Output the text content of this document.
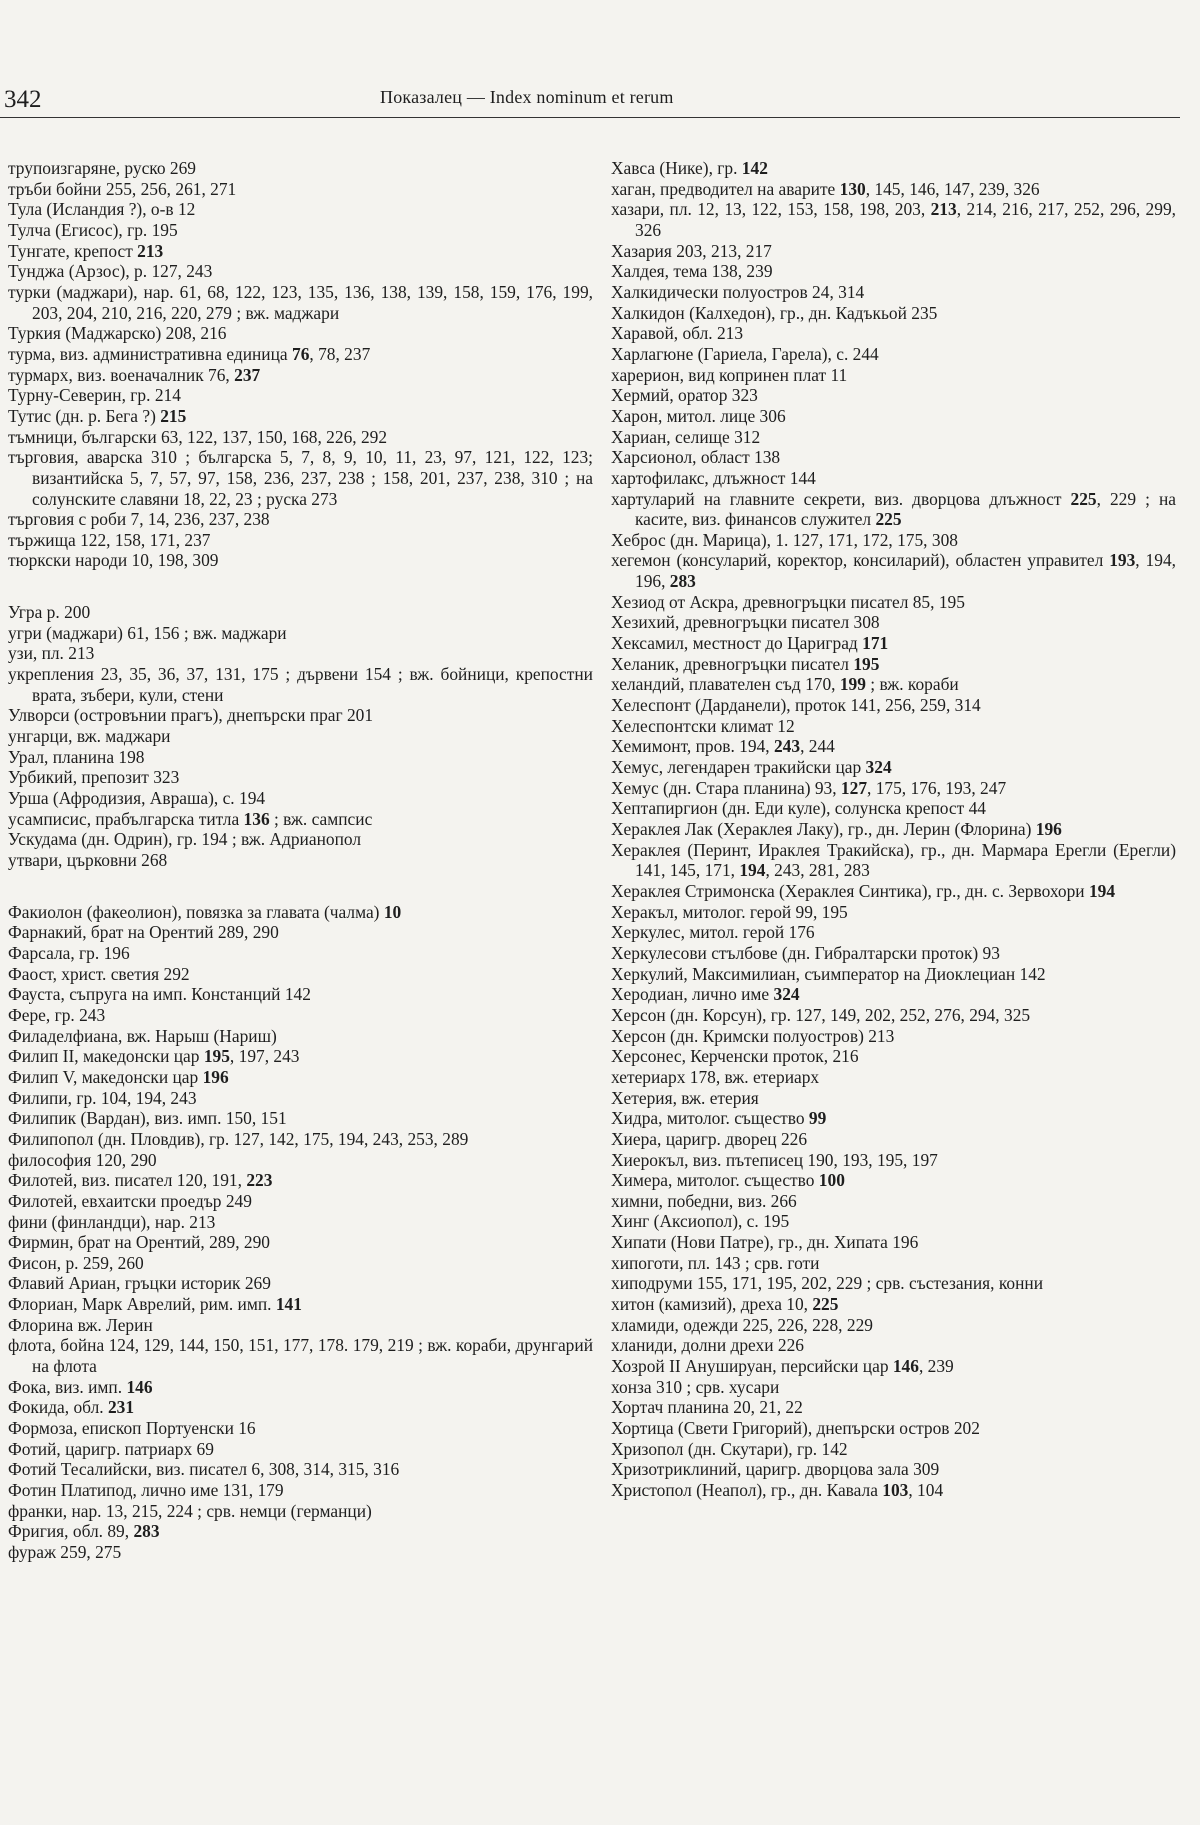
342	Показалец — Index nominum et rerum
трупоизгаряне, руско 269
тръби бойни 255, 256, 261, 271
Тула (Исландия ?), о-в 12
Тулча (Егисос), гр. 195
Тунгате, крепост 213
Тунджа (Арзос), р. 127, 243
турки (маджари), нар. 61, 68, 122, 123, 135, 136, 138, 139, 158, 159, 176, 199, 203, 204, 210, 216, 220, 279 ; вж. маджари
Туркия (Маджарско) 208, 216
турма, виз. административна единица 76, 78, 237
турмарх, виз. военачалник 76, 237
Турну-Северин, гр. 214
Тутис (дн. р. Бега ?) 215
тъмници, български 63, 122, 137, 150, 168, 226, 292
търговия, аварска 310 ; българска 5, 7, 8, 9, 10, 11, 23, 97, 121, 122, 123; византийска 5, 7, 57, 97, 158, 236, 237, 238 ; 158, 201, 237, 238, 310 ; на солунските славяни 18, 22, 23 ; руска 273
търговия с роби 7, 14, 236, 237, 238
тържища 122, 158, 171, 237
тюркски народи 10, 198, 309
Угра р. 200
угри (маджари) 61, 156 ; вж. маджари
узи, пл. 213
укрепления 23, 35, 36, 37, 131, 175 ; дървени 154 ; вж. бойници, крепостни врата, зъбери, кули, стени
Улворси (островънии прагъ), днепърски праг 201
унгарци, вж. маджари
Урал, планина 198
Урбикий, препозит 323
Урша (Афродизия, Авраша), с. 194
усамписис, прабългарска титла 136 ; вж. сампсис
Ускудама (дн. Одрин), гр. 194 ; вж. Адрианопол
утвари, църковни 268
Факиолон (факеолион), повязка за главата (чалма) 10
Фарнакий, брат на Орентий 289, 290
Фарсала, гр. 196
Фаост, христ. светия 292
Фауста, съпруга на имп. Констанций 142
Фере, гр. 243
Филаделфиана, вж. Нарыш (Нариш)
Филип II, македонски цар 195, 197, 243
Филип V, македонски цар 196
Филипи, гр. 104, 194, 243
Филипик (Вардан), виз. имп. 150, 151
Филипопол (дн. Пловдив), гр. 127, 142, 175, 194, 243, 253, 289
философия 120, 290
Филотей, виз. писател 120, 191, 223
Филотей, евхаитски проедър 249
фини (финландци), нар. 213
Фирмин, брат на Орентий, 289, 290
Фисон, р. 259, 260
Флавий Ариан, гръцки историк 269
Флориан, Марк Аврелий, рим. имп. 141
Флорина вж. Лерин
флота, бойна 124, 129, 144, 150, 151, 177, 178. 179, 219 ; вж. кораби, друнгарий на флота
Фока, виз. имп. 146
Фокида, обл. 231
Формоза, епископ Портуенски 16
Фотий, царигр. патриарх 69
Фотий Тесалийски, виз. писател 6, 308, 314, 315, 316
Фотин Платипод, лично име 131, 179
франки, нар. 13, 215, 224 ; срв. немци (германци)
Фригия, обл. 89, 283
фураж 259, 275
Хавса (Нике), гр. 142
хаган, предводител на аварите 130, 145, 146, 147, 239, 326
хазари, пл. 12, 13, 122, 153, 158, 198, 203, 213, 214, 216, 217, 252, 296, 299, 326
Хазария 203, 213, 217
Халдея, тема 138, 239
Халкидически полуостров 24, 314
Халкидон (Калхедон), гр., дн. Кадъкьой 235
Харавой, обл. 213
Харлагюне (Гариела, Гарела), с. 244
харерион, вид копринен плат 11
Хермий, оратор 323
Харон, митол. лице 306
Хариан, селище 312
Харсионол, област 138
хартофилакс, длъжност 144
хартуларий на главните секрети, виз. дворцова длъжност 225, 229 ; на касите, виз. финансов служител 225
Хеброс (дн. Марица), 1. 127, 171, 172, 175, 308
хегемон (консуларий, коректор, консиларий), областен управител 193, 194, 196, 283
Хезиод от Аскра, древногръцки писател 85, 195
Хезихий, древногръцки писател 308
Хексамил, местност до Цариград 171
Хеланик, древногръцки писател 195
хеландий, плавателен съд 170, 199 ; вж. кораби
Хелеспонт (Дарданели), проток 141, 256, 259, 314
Хелеспонтски климат 12
Хемимонт, пров. 194, 243, 244
Хемус, легендарен тракийски цар 324
Хемус (дн. Стара планина) 93, 127, 175, 176, 193, 247
Хептапиргион (дн. Еди куле), солунска крепост 44
Хераклея Лак (Хераклея Лаку), гр., дн. Лерин (Флорина) 196
Хераклея (Перинт, Ираклея Тракийска), гр., дн. Мармара Ерегли (Ерегли) 141, 145, 171, 194, 243, 281, 283
Хераклея Стримонска (Хераклея Синтика), гр., дн. с. Зервохори 194
Херакъл, митолог. герой 99, 195
Херкулес, митол. герой 176
Херкулесови стълбове (дн. Гибралтарски проток) 93
Херкулий, Максимилиан, съимператор на Диоклециан 142
Херодиан, лично име 324
Херсон (дн. Корсун), гр. 127, 149, 202, 252, 276, 294, 325
Херсон (дн. Кримски полуостров) 213
Херсонес, Керченски проток, 216
хетериарх 178, вж. етериарх
Хетерия, вж. етерия
Хидра, митолог. същество 99
Хиера, царигр. дворец 226
Хиерокъл, виз. пътеписец 190, 193, 195, 197
Химера, митолог. същество 100
химни, победни, виз. 266
Хинг (Аксиопол), с. 195
Хипати (Нови Патре), гр., дн. Хипата 196
хипоготи, пл. 143 ; срв. готи
хиподруми 155, 171, 195, 202, 229 ; срв. състезания, конни
хитон (камизий), дреха 10, 225
хламиди, одежди 225, 226, 228, 229
хланиди, долни дрехи 226
Хозрой II Анушируан, персийски цар 146, 239
хонза 310 ; срв. хусари
Хортач планина 20, 21, 22
Хортица (Свети Григорий), днепърски остров 202
Хризопол (дн. Скутари), гр. 142
Хризотриклиний, царигр. дворцова зала 309
Христопол (Неапол), гр., дн. Кавала 103, 104
